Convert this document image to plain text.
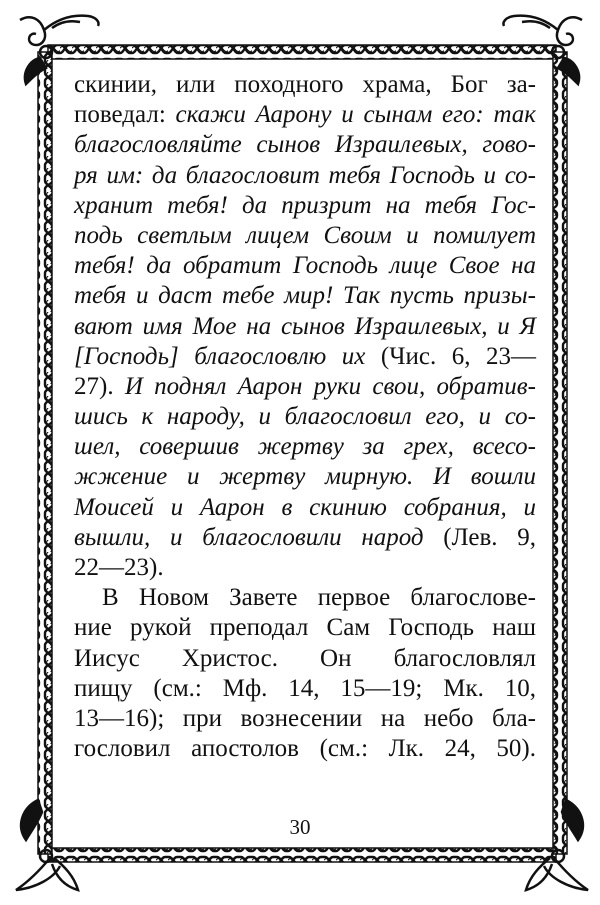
скинии, или походного храма, Бог за-
поведал: скажи Аарону и сынам его: так
благословляйте сынов Израилевых, гово-
ря им: да благословит тебя Господь и со-
хранит тебя! да призрит на тебя Гос-
подь светлым лицем Своим и помилует
тебя! да обратит Господь лице Свое на
тебя и даст тебе мир! Так пусть призы-
вают имя Мое на сынов Израилевых, и Я
[Господь] благословлю их (Чис. 6, 23—
27). И поднял Аарон руки свои, обратив-
шись к народу, и благословил его, и со-
шел, совершив жертву за грех, всесо-
жжение и жертву мирную. И вошли
Моисей и Аарон в скинию собрания, и
вышли, и благословили народ (Лев. 9,
22—23).
В Новом Завете первое благослове-
ние рукой преподал Сам Господь наш
Иисус Христос. Он благословлял
пищу (см.: Мф. 14, 15—19; Мк. 10,
13—16); при вознесении на небо бла-
гословил апостолов (см.: Лк. 24, 50).
30
